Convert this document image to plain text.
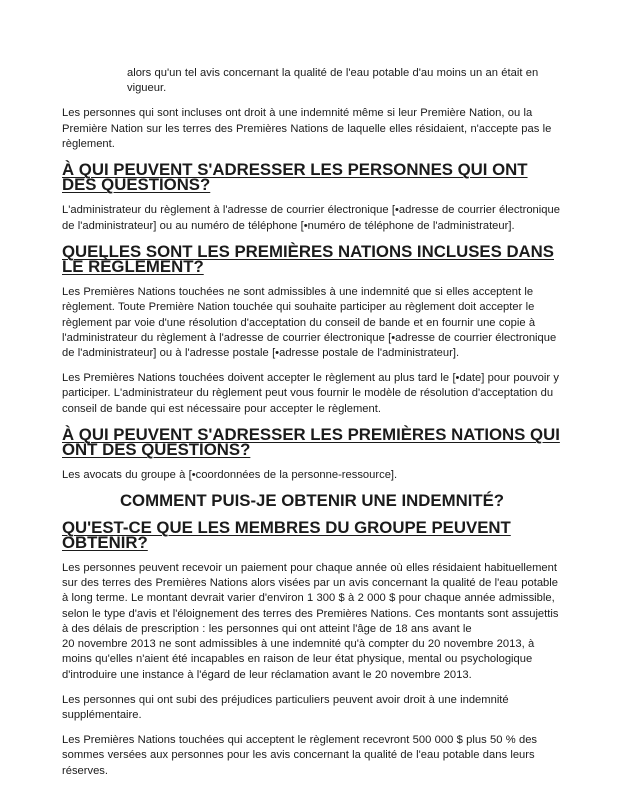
alors qu'un tel avis concernant la qualité de l'eau potable d'au moins un an était en vigueur.

Les personnes qui sont incluses ont droit à une indemnité même si leur Première Nation, ou la Première Nation sur les terres des Premières Nations de laquelle elles résidaient, n'accepte pas le règlement.

À QUI PEUVENT S'ADRESSER LES PERSONNES QUI ONT DES QUESTIONS?

L'administrateur du règlement à l'adresse de courrier électronique [•adresse de courrier électronique de l'administrateur] ou au numéro de téléphone [•numéro de téléphone de l'administrateur].

QUELLES SONT LES PREMIÈRES NATIONS INCLUSES DANS LE RÈGLEMENT?

Les Premières Nations touchées ne sont admissibles à une indemnité que si elles acceptent le règlement. Toute Première Nation touchée qui souhaite participer au règlement doit accepter le règlement par voie d'une résolution d'acceptation du conseil de bande et en fournir une copie à l'administrateur du règlement à l'adresse de courrier électronique [•adresse de courrier électronique de l'administrateur] ou à l'adresse postale [•adresse postale de l'administrateur].

Les Premières Nations touchées doivent accepter le règlement au plus tard le [•date] pour pouvoir y participer. L'administrateur du règlement peut vous fournir le modèle de résolution d'acceptation du conseil de bande qui est nécessaire pour accepter le règlement.

À QUI PEUVENT S'ADRESSER LES PREMIÈRES NATIONS QUI ONT DES QUESTIONS?

Les avocats du groupe à [•coordonnées de la personne-ressource].

COMMENT PUIS-JE OBTENIR UNE INDEMNITÉ?
QU'EST-CE QUE LES MEMBRES DU GROUPE PEUVENT OBTENIR?

Les personnes peuvent recevoir un paiement pour chaque année où elles résidaient habituellement sur des terres des Premières Nations alors visées par un avis concernant la qualité de l'eau potable à long terme. Le montant devrait varier d'environ 1 300 $ à 2 000 $ pour chaque année admissible, selon le type d'avis et l'éloignement des terres des Premières Nations. Ces montants sont assujettis à des délais de prescription : les personnes qui ont atteint l'âge de 18 ans avant le 20 novembre 2013 ne sont admissibles à une indemnité qu'à compter du 20 novembre 2013, à moins qu'elles n'aient été incapables en raison de leur état physique, mental ou psychologique d'introduire une instance à l'égard de leur réclamation avant le 20 novembre 2013.

Les personnes qui ont subi des préjudices particuliers peuvent avoir droit à une indemnité supplémentaire.

Les Premières Nations touchées qui acceptent le règlement recevront 500 000 $ plus 50 % des sommes versées aux personnes pour les avis concernant la qualité de l'eau potable dans leurs réserves.
